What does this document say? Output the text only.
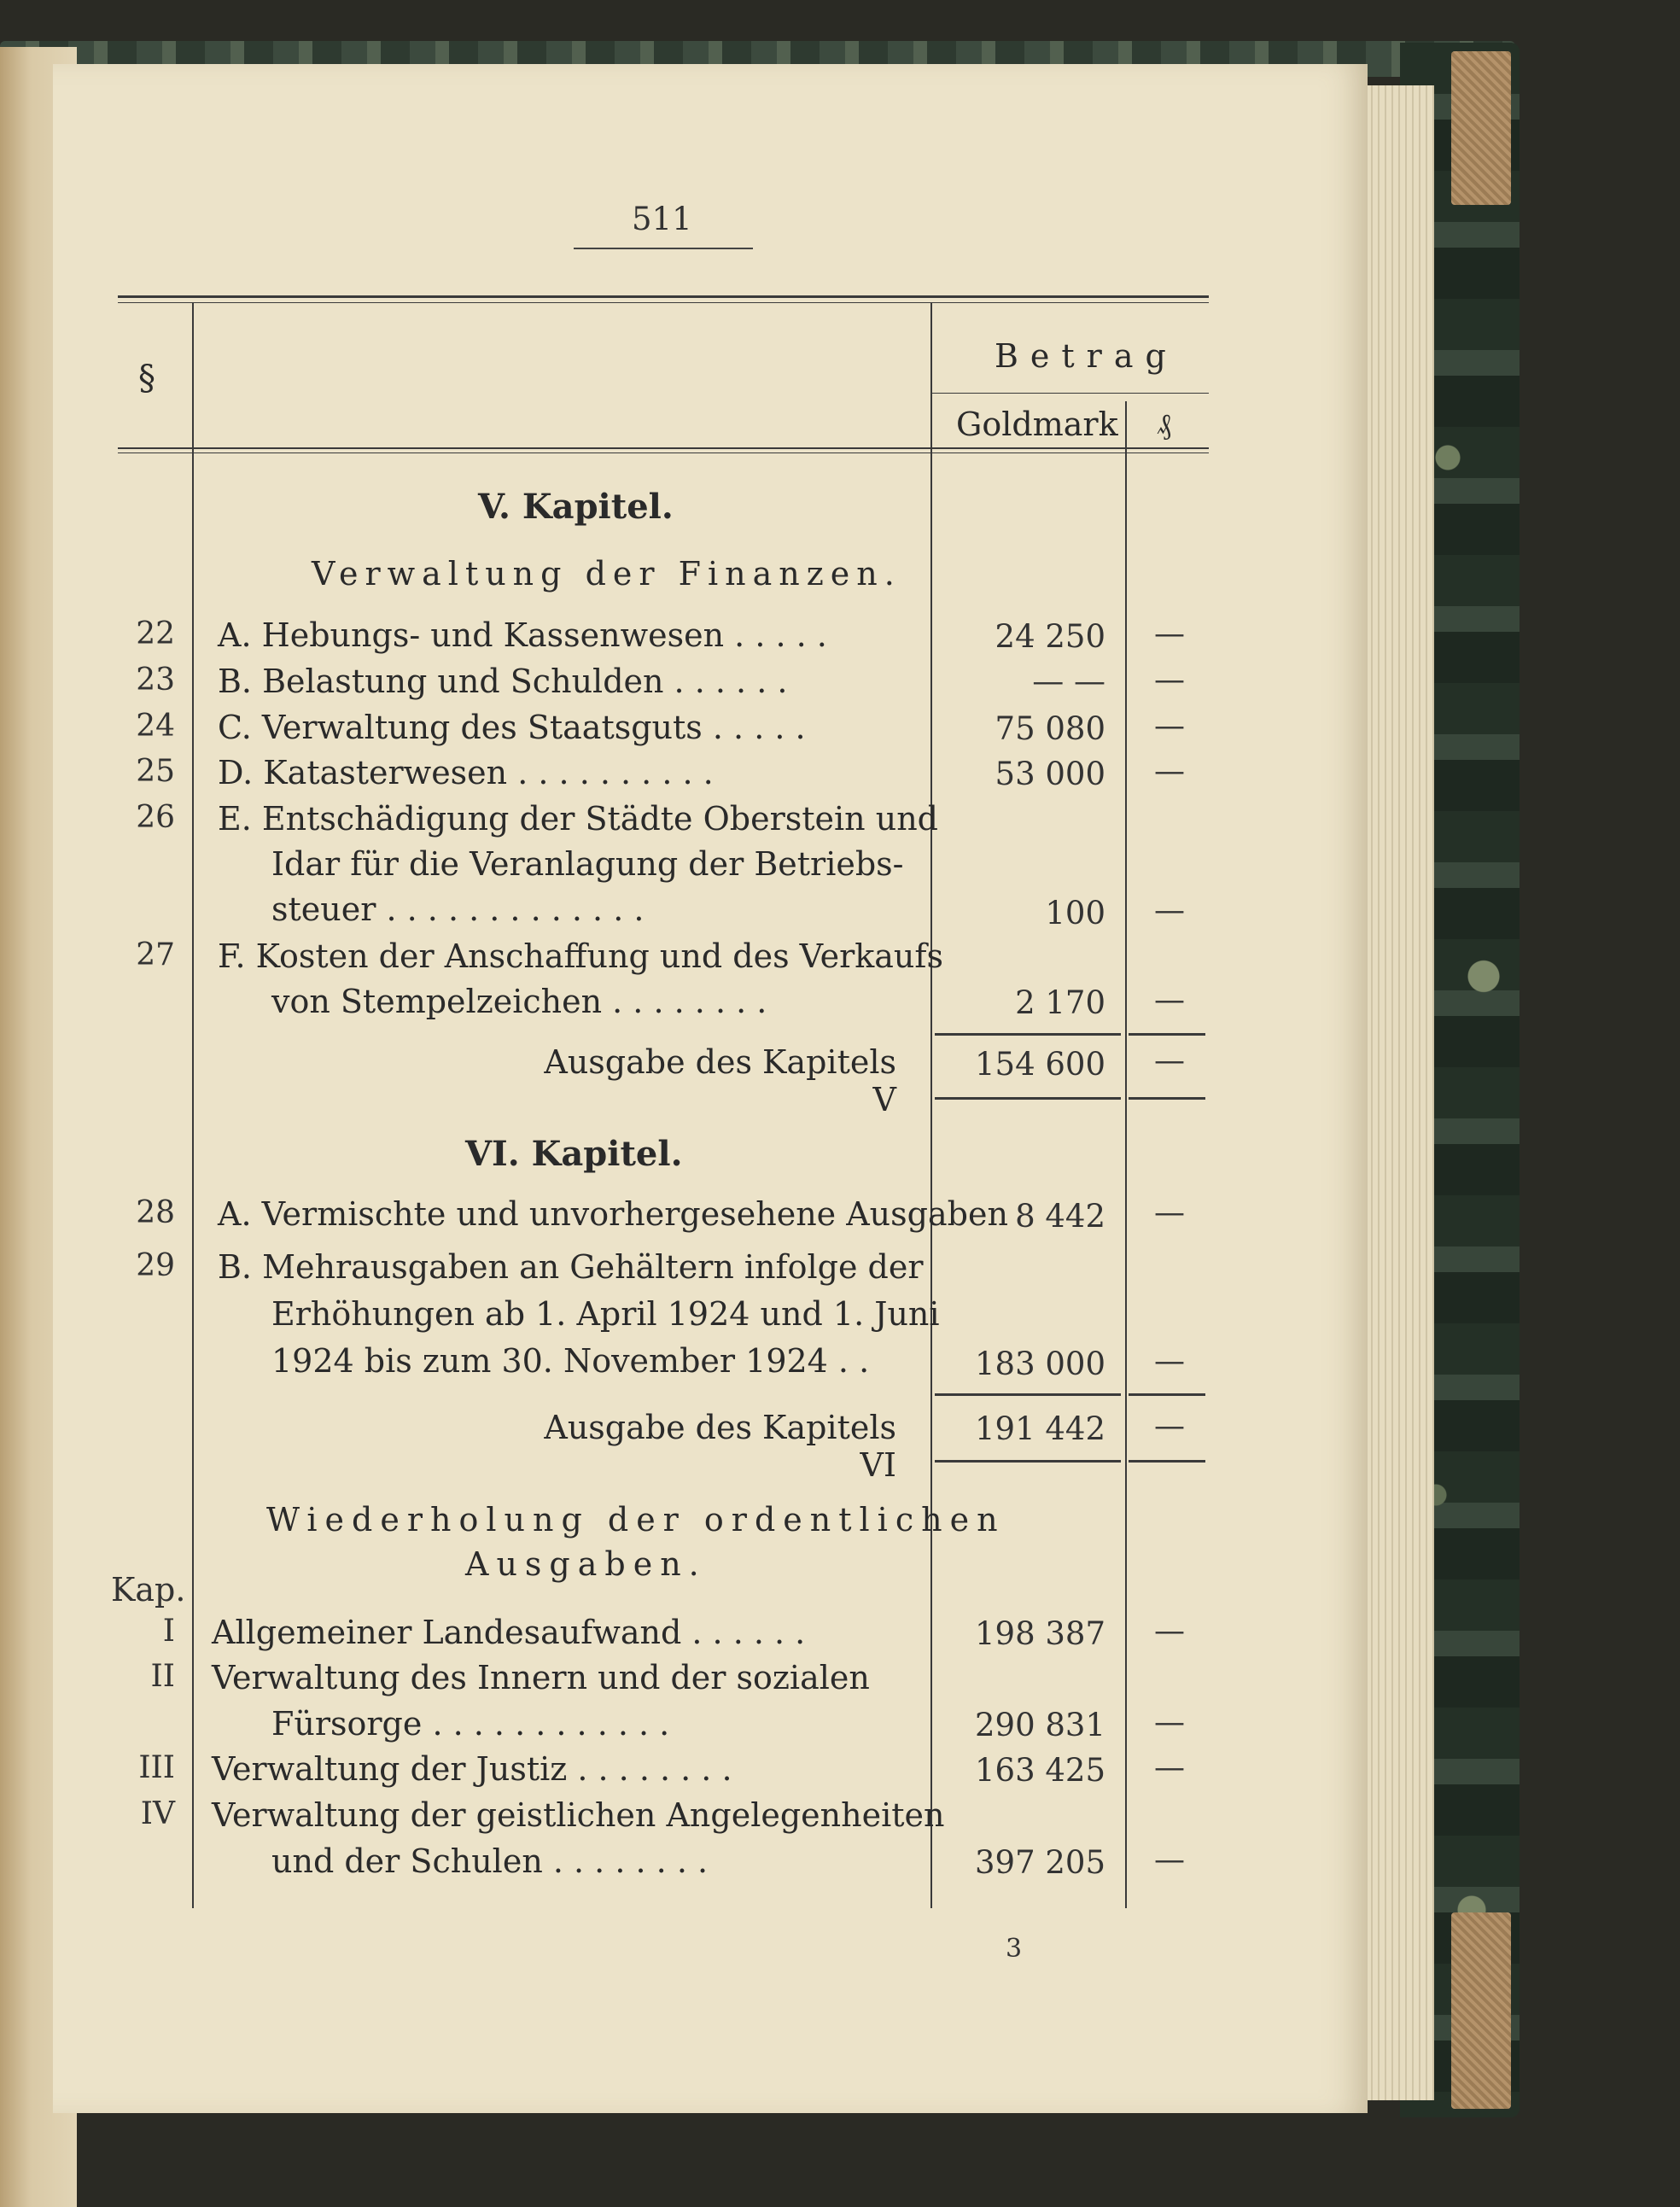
511
§
Betrag
Goldmark ₰
V. Kapitel.
Verwaltung der Finanzen.
22 A. Hebungs- und Kassenwesen . . . . .	24 250 —
23 B. Belastung und Schulden . . . . . .	— — —
24 C. Verwaltung des Staatsguts . . . . .	75 080 —
25 D. Katasterwesen . . . . . . . . . .	53 000 —
26 E. Entschädigung der Städte Oberstein und
Idar für die Veranlagung der Betriebs-
steuer . . . . . . . . . . . . .	100 —
27 F. Kosten der Anschaffung und des Verkaufs
von Stempelzeichen . . . . . . . .	2 170 —
Ausgabe des Kapitels V
154 600 —
VI. Kapitel.
28 A. Vermischte und unvorhergesehene Ausgaben 8 442 —
29 B. Mehrausgaben an Gehältern infolge der
Erhöhungen ab 1. April 1924 und 1. Juni
1924 bis zum 30. November 1924 . .	183 000 —
Ausgabe des Kapitels VI
191 442 —
Wiederholung der ordentlichen
Ausgaben.
Kap.
I Allgemeiner Landesaufwand . . . . . .	198 387 —
II Verwaltung des Innern und der sozialen
Fürsorge . . . . . . . . . . . .	290 831 —
III Verwaltung der Justiz . . . . . . . .	163 425 —
IV Verwaltung der geistlichen Angelegenheiten
und der Schulen . . . . . . . .	397 205 —
3
